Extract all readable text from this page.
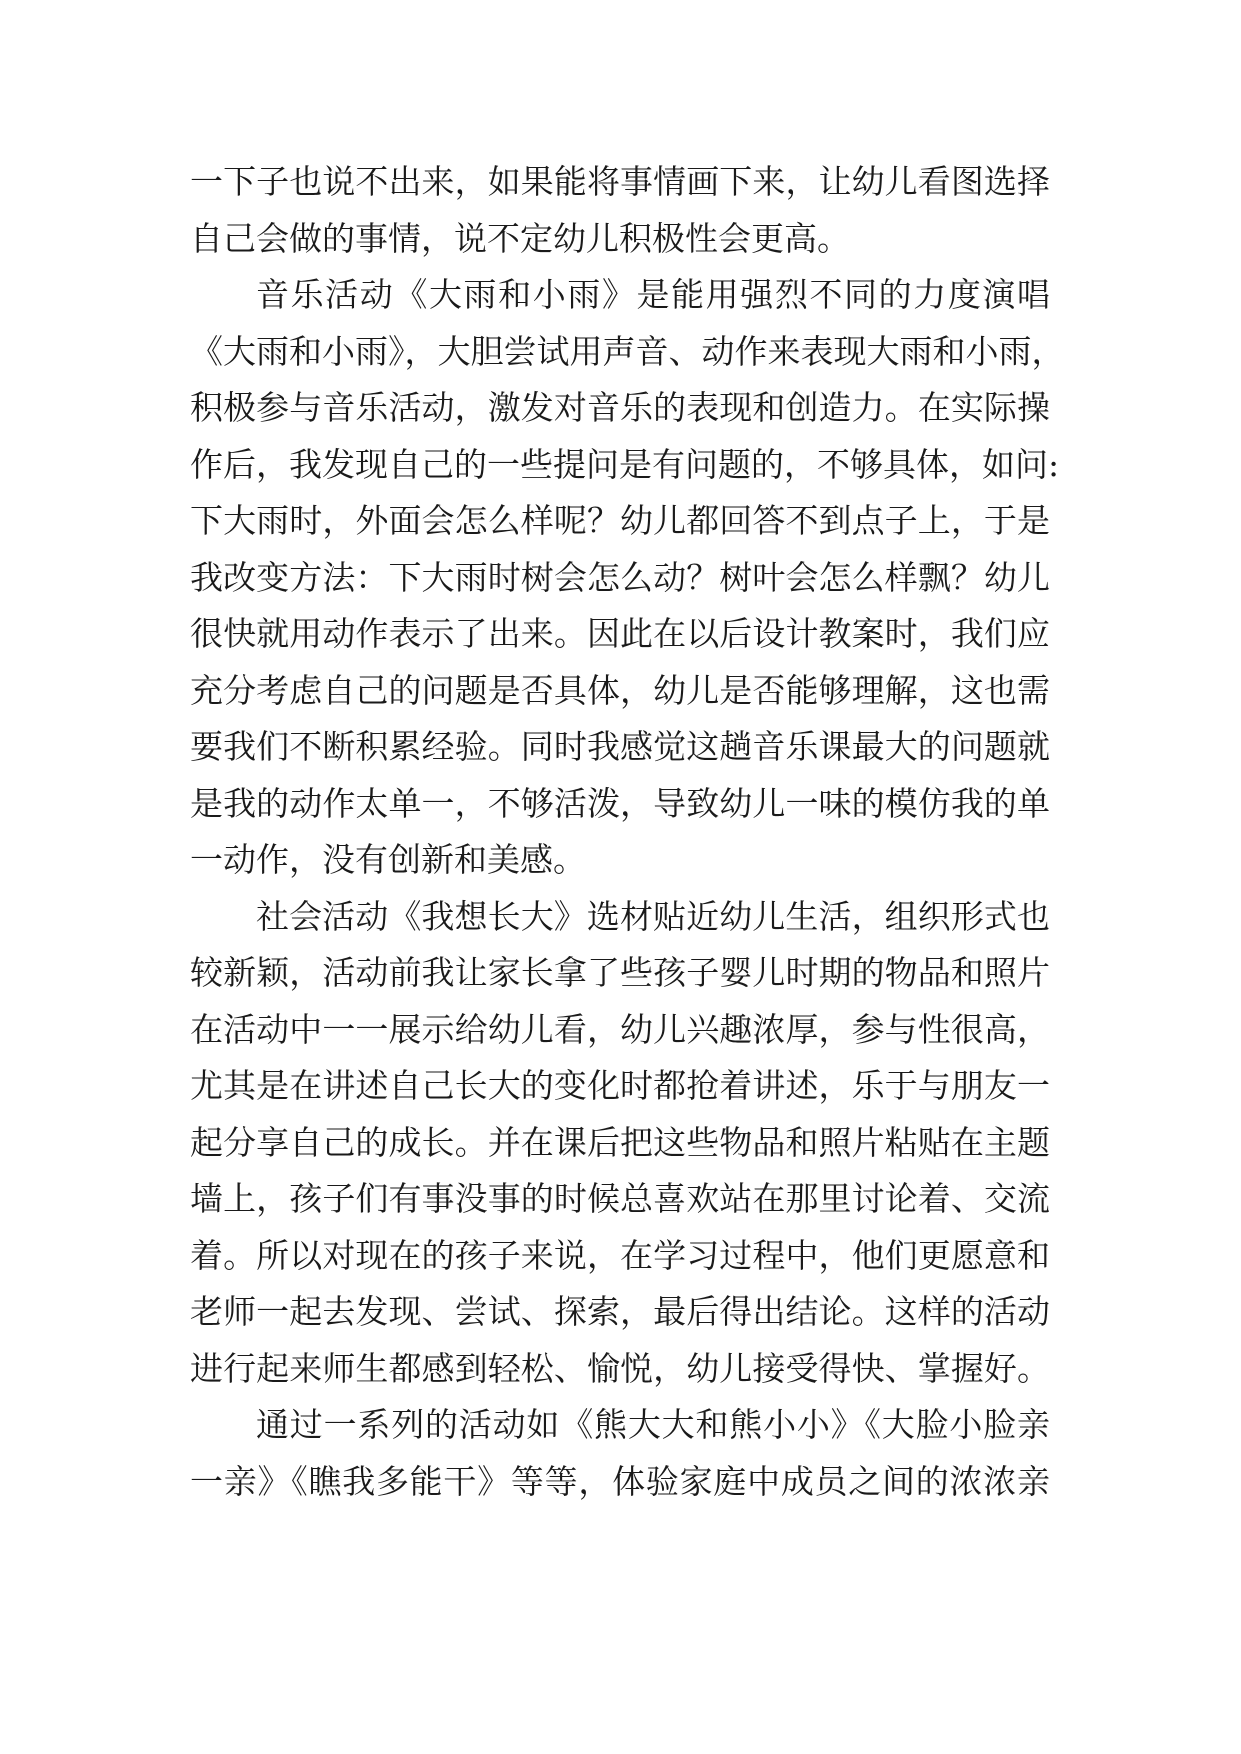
一下子也说不出来，如果能将事情画下来，让幼儿看图选择
自己会做的事情，说不定幼儿积极性会更高。
音乐活动《大雨和小雨》是能用强烈不同的力度演唱
《大雨和小雨》，大胆尝试用声音、动作来表现大雨和小雨，
积极参与音乐活动，激发对音乐的表现和创造力。在实际操
作后，我发现自己的一些提问是有问题的，不够具体，如问:
下大雨时，外面会怎么样呢？幼儿都回答不到点子上，于是
我改变方法：下大雨时树会怎么动？树叶会怎么样飘？幼儿
很快就用动作表示了出来。因此在以后设计教案时，我们应
充分考虑自己的问题是否具体，幼儿是否能够理解，这也需
要我们不断积累经验。同时我感觉这趟音乐课最大的问题就
是我的动作太单一，不够活泼，导致幼儿一味的模仿我的单
一动作，没有创新和美感。
社会活动《我想长大》选材贴近幼儿生活，组织形式也
较新颖，活动前我让家长拿了些孩子婴儿时期的物品和照片
在活动中一一展示给幼儿看，幼儿兴趣浓厚，参与性很高，
尤其是在讲述自己长大的变化时都抢着讲述，乐于与朋友一
起分享自己的成长。并在课后把这些物品和照片粘贴在主题
墙上，孩子们有事没事的时候总喜欢站在那里讨论着、交流
着。所以对现在的孩子来说，在学习过程中，他们更愿意和
老师一起去发现、尝试、探索，最后得出结论。这样的活动
进行起来师生都感到轻松、愉悦，幼儿接受得快、掌握好。
通过一系列的活动如《熊大大和熊小小》《大脸小脸亲
一亲》《瞧我多能干》等等，体验家庭中成员之间的浓浓亲
